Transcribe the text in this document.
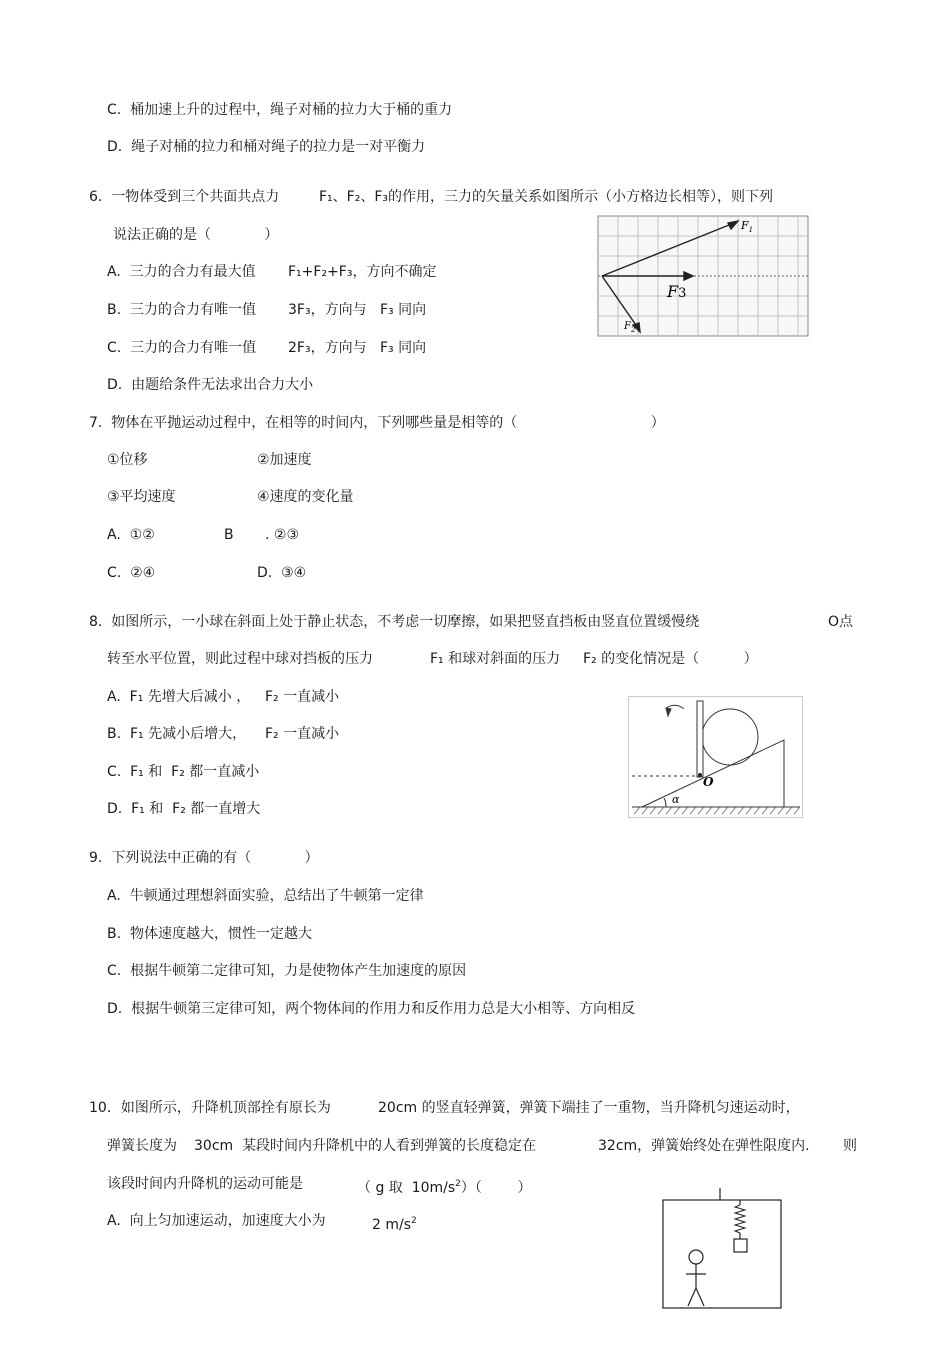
C.  桶加速上升的过程中，绳子对桶的拉力大于桶的重力
D.  绳子对桶的拉力和桶对绳子的拉力是一对平衡力
6.  一物体受到三个共面共点力	F₁、F₂、F₃的作用，三力的矢量关系如图所示（小方格边长相等），则下列
说法正确的是（            ）
A.  三力的合力有最大值 F₁+F₂+F₃，方向不确定
B.  三力的合力有唯一值 3F₃，方向与 F₃ 同向
C.  三力的合力有唯一值 2F₃，方向与 F₃ 同向
D.  由题给条件无法求出合力大小
$F_1$
F3
$F_2$
7.  物体在平抛运动过程中，在相等的时间内，下列哪些量是相等的（                              ）
①位移	②加速度
③平均速度	④速度的变化量
A.  ①②	B . ②③
C.  ②④	D.  ③④
8.  如图所示，一小球在斜面上处于静止状态，不考虑一切摩擦，如果把竖直挡板由竖直位置缓慢绕	O点
转至水平位置，则此过程中球对挡板的压力	F₁ 和球对斜面的压力 F₂ 的变化情况是（          ）
A.  F₁ 先增大后减小 ， F₂ 一直减小
B.  F₁ 先减小后增大， F₂ 一直减小
C.  F₁ 和  F₂ 都一直减小
D.  F₁ 和  F₂ 都一直增大
O
α
9.  下列说法中正确的有（            ）
A.  牛顿通过理想斜面实验，总结出了牛顿第一定律
B.  物体速度越大，惯性一定越大
C.  根据牛顿第二定律可知，力是使物体产生加速度的原因
D.  根据牛顿第三定律可知，两个物体间的作用力和反作用力总是大小相等、方向相反
10．如图所示，升降机顶部拴有原长为	20cm 的竖直轻弹簧，弹簧下端挂了一重物，当升降机匀速运动时，
弹簧长度为 30cm  某段时间内升降机中的人看到弹簧的长度稳定在	32cm，弹簧始终处在弹性限度内. 则
该段时间内升降机的运动可能是	（ g 取  $10m/s^2$）（        ）
A.  向上匀加速运动，加速度大小为	2 $m/s^2$
